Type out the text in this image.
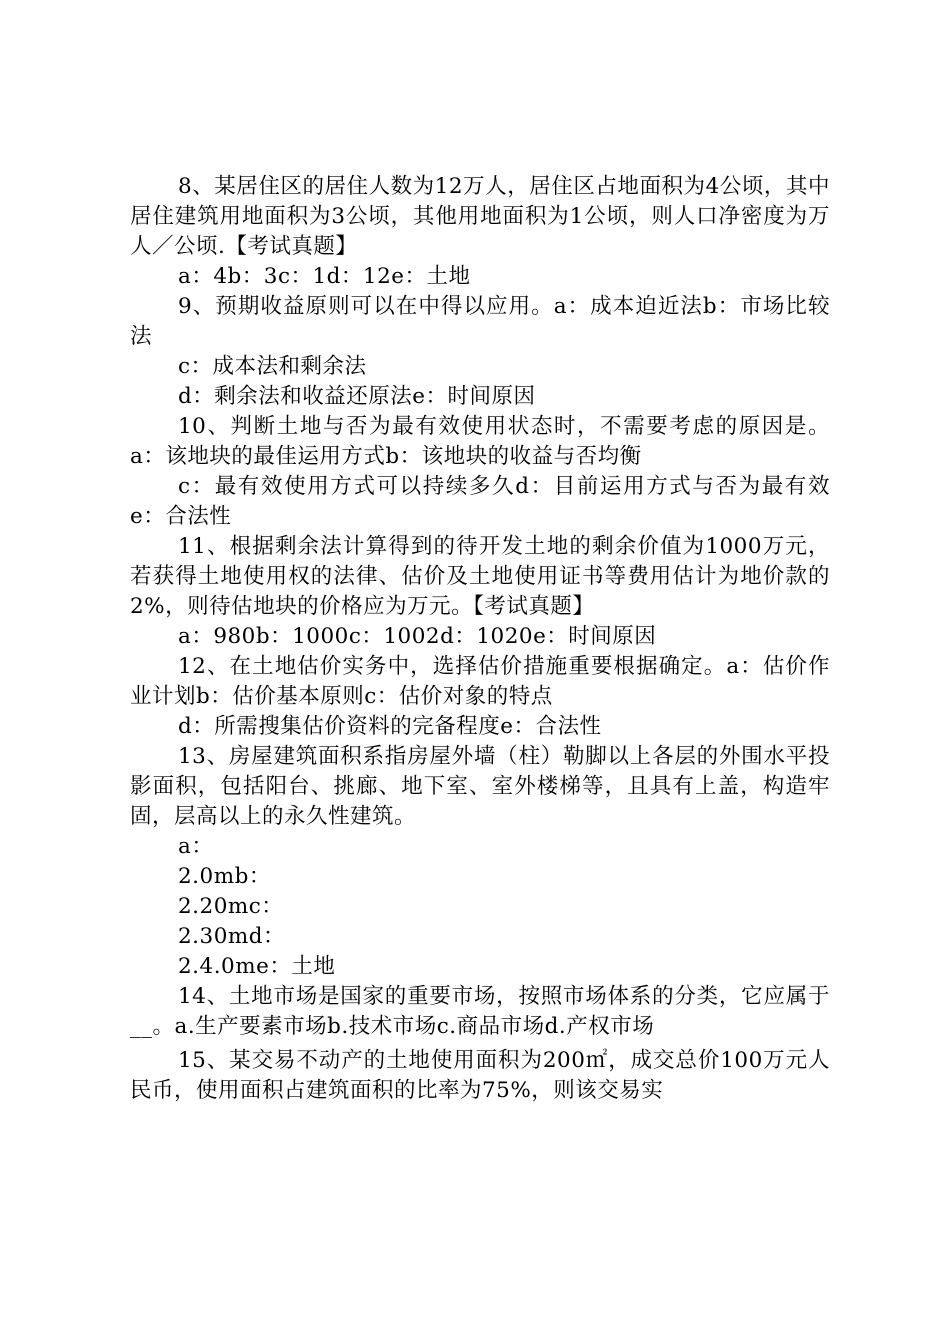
8、某居住区的居住人数为12万人，居住区占地面积为4公顷，其中居住建筑用地面积为3公顷，其他用地面积为1公顷，则人口净密度为万人／公顷.【考试真题】

a：4b：3c：1d：12e：土地

9、预期收益原则可以在中得以应用。a：成本迫近法b：市场比较法

c：成本法和剩余法

d：剩余法和收益还原法e：时间原因

10、判断土地与否为最有效使用状态时，不需要考虑的原因是。a：该地块的最佳运用方式b：该地块的收益与否均衡

c：最有效使用方式可以持续多久d：目前运用方式与否为最有效e：合法性

11、根据剩余法计算得到的待开发土地的剩余价值为1000万元，若获得土地使用权的法律、估价及土地使用证书等费用估计为地价款的2%，则待估地块的价格应为万元。【考试真题】

a：980b：1000c：1002d：1020e：时间原因

12、在土地估价实务中，选择估价措施重要根据确定。a：估价作业计划b：估价基本原则c：估价对象的特点

d：所需搜集估价资料的完备程度e：合法性

13、房屋建筑面积系指房屋外墙（柱）勒脚以上各层的外围水平投影面积，包括阳台、挑廊、地下室、室外楼梯等，且具有上盖，构造牢固，层高以上的永久性建筑。

a：

2.0mb：

2.20mc：

2.30md：

2.4.0me：土地

14、土地市场是国家的重要市场，按照市场体系的分类，它应属于__。a.生产要素市场b.技术市场c.商品市场d.产权市场

15、某交易不动产的土地使用面积为200㎡，成交总价100万元人民币，使用面积占建筑面积的比率为75%，则该交易实
